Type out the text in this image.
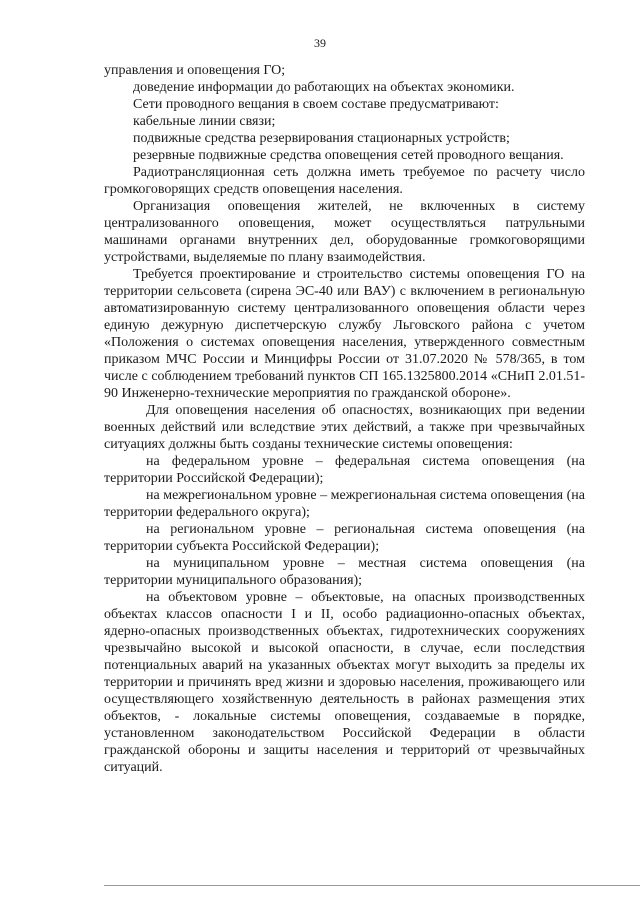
39

управления и оповещения ГО;

доведение информации до работающих на объектах экономики.

Сети проводного вещания в своем составе предусматривают:

кабельные линии связи;

подвижные средства резервирования стационарных устройств;

резервные подвижные средства оповещения сетей проводного вещания.

Радиотрансляционная сеть должна иметь требуемое по расчету число громкоговорящих средств оповещения населения.

Организация оповещения жителей, не включенных в систему централизованного оповещения, может осуществляться патрульными машинами органами внутренних дел, оборудованные громкоговорящими устройствами, выделяемые по плану взаимодействия.

Требуется проектирование и строительство системы оповещения ГО на территории сельсовета (сирена ЭС-40 или ВАУ) с включением в региональную автоматизированную систему централизованного оповещения области через единую дежурную диспетчерскую службу Льговского района с учетом «Положения о системах оповещения населения, утвержденного совместным приказом МЧС России и Минцифры России от 31.07.2020 № 578/365, в том числе с соблюдением требований пунктов СП 165.1325800.2014 «СНиП 2.01.51-90 Инженерно-технические мероприятия по гражданской обороне».

Для оповещения населения об опасностях, возникающих при ведении военных действий или вследствие этих действий, а также при чрезвычайных ситуациях должны быть созданы технические системы оповещения:

на федеральном уровне – федеральная система оповещения (на территории Российской Федерации);

на межрегиональном уровне – межрегиональная система оповещения (на территории федерального округа);

на региональном уровне – региональная система оповещения (на территории субъекта Российской Федерации);

на муниципальном уровне – местная система оповещения (на территории муниципального образования);

на объектовом уровне – объектовые, на опасных производственных объектах классов опасности I и II, особо радиационно-опасных объектах, ядерно-опасных производственных объектах, гидротехнических сооружениях чрезвычайно высокой и высокой опасности, в случае, если последствия потенциальных аварий на указанных объектах могут выходить за пределы их территории и причинять вред жизни и здоровью населения, проживающего или осуществляющего хозяйственную деятельность в районах размещения этих объектов, - локальные системы оповещения, создаваемые в порядке, установленном законодательством Российской Федерации в области гражданской обороны и защиты населения и территорий от чрезвычайных ситуаций.
